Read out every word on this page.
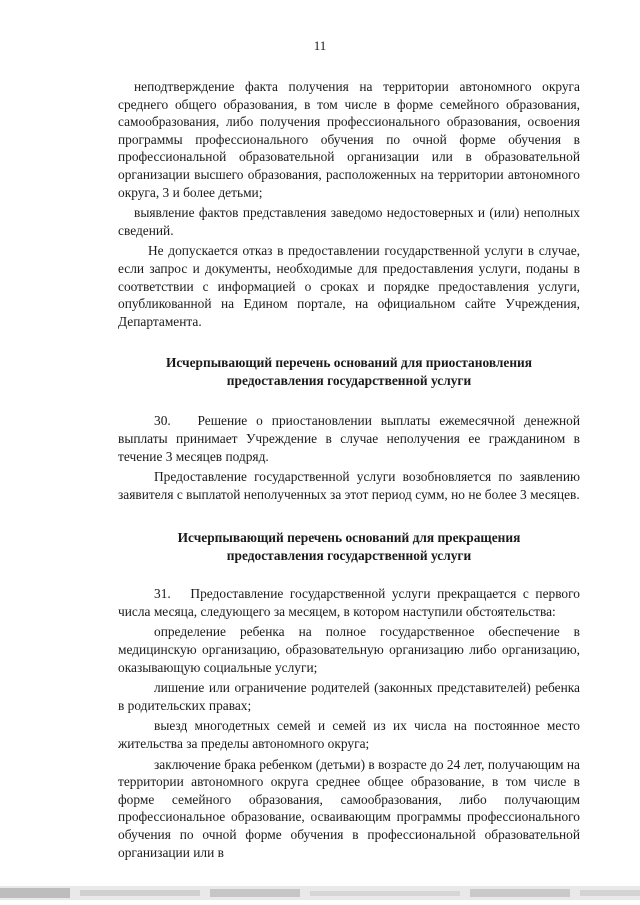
11

неподтверждение факта получения на территории автономного округа среднего общего образования, в том числе в форме семейного образования, самообразования, либо получения профессионального образования, освоения программы профессионального обучения по очной форме обучения в профессиональной образовательной организации или в образовательной организации высшего образования, расположенных на территории автономного округа, 3 и более детьми;

выявление фактов представления заведомо недостоверных и (или) неполных сведений.

Не допускается отказ в предоставлении государственной услуги в случае, если запрос и документы, необходимые для предоставления услуги, поданы в соответствии с информацией о сроках и порядке предоставления услуги, опубликованной на Едином портале, на официальном сайте Учреждения, Департамента.

Исчерпывающий перечень оснований для приостановления
предоставления государственной услуги

30.   Решение о приостановлении выплаты ежемесячной денежной выплаты принимает Учреждение в случае неполучения ее гражданином в течение 3 месяцев подряд.

Предоставление государственной услуги возобновляется по заявлению заявителя с выплатой неполученных за этот период сумм, но не более 3 месяцев.

Исчерпывающий перечень оснований для прекращения
предоставления государственной услуги

31.   Предоставление государственной услуги прекращается с первого числа месяца, следующего за месяцем, в котором наступили обстоятельства:

определение ребенка на полное государственное обеспечение в медицинскую организацию, образовательную организацию либо организацию, оказывающую социальные услуги;

лишение или ограничение родителей (законных представителей) ребенка в родительских правах;

выезд многодетных семей и семей из их числа на постоянное место жительства за пределы автономного округа;

заключение брака ребенком (детьми) в возрасте до 24 лет, получающим на территории автономного округа среднее общее образование, в том числе в форме семейного образования, самообразования, либо получающим профессиональное образование, осваивающим программы профессионального обучения по очной форме обучения в профессиональной образовательной организации или в
